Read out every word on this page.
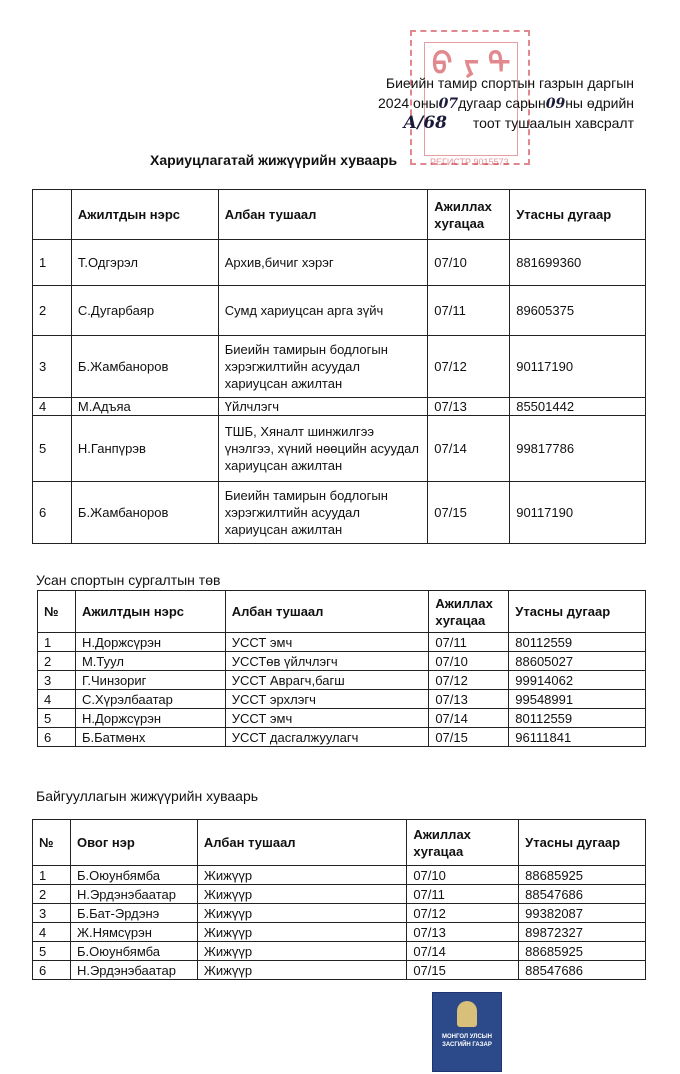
ᠪ ᠶ ᠲ
РЕГИСТР 9015573
Биеийн тамир спортын газрын даргын
2024 оны07дугаар сарын09ны өдрийн
А/68 тоот тушаалын хавсралт
Хариуцлагатай жижүүрийн хуваарь
	Ажилтдын нэрс	Албан тушаал	Ажиллах хугацаа	Утасны дугаар
1	Т.Одгэрэл	Архив,бичиг хэрэг	07/10	881699360
2	С.Дугарбаяр	Сумд хариуцсан арга зүйч	07/11	89605375
3	Б.Жамбаноров	Биеийн тамирын бодлогын хэрэгжилтийн асуудал хариуцсан ажилтан	07/12	90117190
4	М.Адъяа	Үйлчлэгч	07/13	85501442
5	Н.Ганпүрэв	ТШБ, Хяналт шинжилгээ үнэлгээ, хүний нөөцийн асуудал хариуцсан ажилтан	07/14	99817786
6	Б.Жамбаноров	Биеийн тамирын бодлогын хэрэгжилтийн асуудал хариуцсан ажилтан	07/15	90117190
Усан спортын сургалтын төв
№	Ажилтдын нэрс	Албан тушаал	Ажиллах хугацаа	Утасны дугаар
1	Н.Доржсүрэн	УССТ эмч	07/11	80112559
2	М.Туул	УССТөв үйлчлэгч	07/10	88605027
3	Г.Чинзориг	УССТ Аврагч,багш	07/12	99914062
4	С.Хүрэлбаатар	УССТ эрхлэгч	07/13	99548991
5	Н.Доржсүрэн	УССТ эмч	07/14	80112559
6	Б.Батмөнх	УССТ дасгалжуулагч	07/15	96111841
Байгууллагын жижүүрийн хуваарь
№	Овог нэр	Албан тушаал	Ажиллах хугацаа	Утасны дугаар
1	Б.Оюунбямба	Жижүүр	07/10	88685925
2	Н.Эрдэнэбаатар	Жижүүр	07/11	88547686
3	Б.Бат-Эрдэнэ	Жижүүр	07/12	99382087
4	Ж.Нямсүрэн	Жижүүр	07/13	89872327
5	Б.Оюунбямба	Жижүүр	07/14	88685925
6	Н.Эрдэнэбаатар	Жижүүр	07/15	88547686
МОНГОЛ УЛСЫН
ЗАСГИЙН ГАЗАР
